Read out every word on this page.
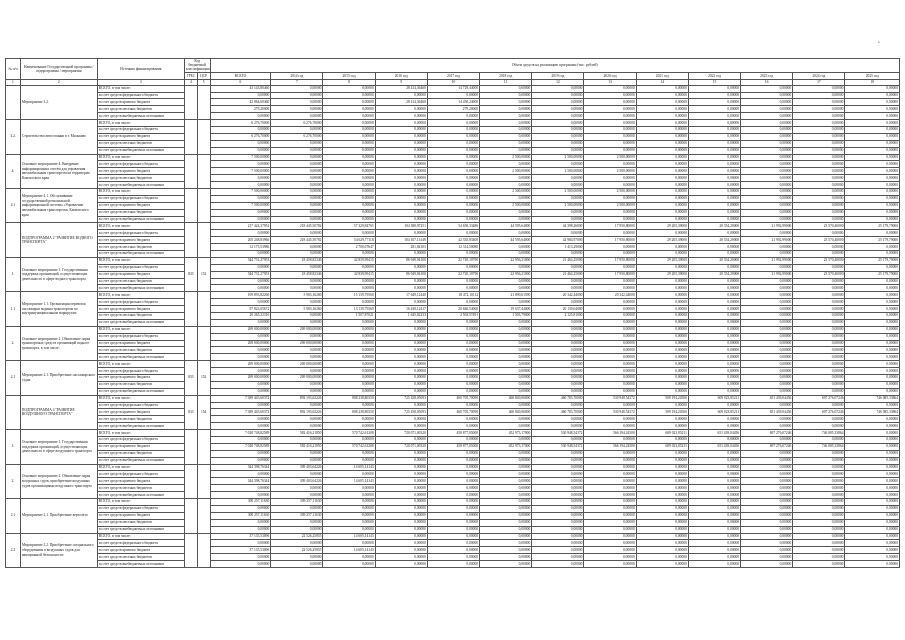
•
№ п/п	Наименование Государственной программы / подпрограммы / мероприятия	Источник финансирования	Код бюджетной классификации		Объем средств на реализацию программы (тыс. рублей)												
			ГРБС	ЦСР	ВСЕГО	2014 год	2015 год	2016 год	2017 год	2018 год	2019 год	2020 год	2021 год	2022 год	2023 год	2024 год	2025 год
1	2	3	4	5	6	7	8	9	10	11	12	13	14	15	16	17	18
	Мероприятие 3.2.	ВСЕГО, в том числе:			43 143,80460	0,00000	0,00000	28 414,36460	14 729,44000	0,00000	0,00000	0,00000	0,00000	0,00000	0,00000	0,00000	0,00000
		за счет средств федерального бюджета			0,00000	0,00000	0,00000	0,00000	0,00000	0,00000	0,00000	0,00000	0,00000	0,00000	0,00000	0,00000	0,00000
		за счет средств краевого бюджета			42 864,60460	0,00000	0,00000	28 414,36460	14 450,24000	0,00000	0,00000	0,00000	0,00000	0,00000	0,00000	0,00000	0,00000
		за счет средств местных бюджетов			279,20000	0,00000	0,00000	0,00000	279,20000	0,00000	0,00000	0,00000	0,00000	0,00000	0,00000	0,00000	0,00000
		за счет средств внебюджетных источников			0,00000	0,00000	0,00000	0,00000	0,00000	0,00000	0,00000	0,00000	0,00000	0,00000	0,00000	0,00000	0,00000
3.2.	Строительство автостоянки в г. Мильково	ВСЕГО, в том числе:			6 276,70000	6 276,70000	0,00000	0,00000	0,00000	0,00000	0,00000	0,00000	0,00000	0,00000	0,00000	0,00000	0,00000
		за счет средств федерального бюджета			0,00000	0,00000	0,00000	0,00000	0,00000	0,00000	0,00000	0,00000	0,00000	0,00000	0,00000	0,00000	0,00000
		за счет средств краевого бюджета			6 276,70000	6 276,70000	0,00000	0,00000	0,00000	0,00000	0,00000	0,00000	0,00000	0,00000	0,00000	0,00000	0,00000
		за счет средств местных бюджетов			0,00000	0,00000	0,00000	0,00000	0,00000	0,00000	0,00000	0,00000	0,00000	0,00000	0,00000	0,00000	0,00000
		за счет средств внебюджетных источников			0,00000	0,00000	0,00000	0,00000	0,00000	0,00000	0,00000	0,00000	0,00000	0,00000	0,00000	0,00000	0,00000
4.	Основное мероприятие 4. Внедрение информационных систем для управления автомобильным транспортом на территории Камчатского края	ВСЕГО, в том числе:			7 500,00000	0,00000	0,00000	0,00000	0,00000	2 500,00000	2 500,00000	2 500,00000	0,00000	0,00000	0,00000	0,00000	0,00000
		за счет средств федерального бюджета			0,00000	0,00000	0,00000	0,00000	0,00000	0,00000	0,00000	0,00000	0,00000	0,00000	0,00000	0,00000	0,00000
		за счет средств краевого бюджета			7 500,00000	0,00000	0,00000	0,00000	0,00000	2 500,00000	2 500,00000	2 500,00000	0,00000	0,00000	0,00000	0,00000	0,00000
		за счет средств местных бюджетов			0,00000	0,00000	0,00000	0,00000	0,00000	0,00000	0,00000	0,00000	0,00000	0,00000	0,00000	0,00000	0,00000
		за счет средств внебюджетных источников			0,00000	0,00000	0,00000	0,00000	0,00000	0,00000	0,00000	0,00000	0,00000	0,00000	0,00000	0,00000	0,00000
4.1	Мероприятие 4.1. Обслуживание государственной региональной информационной системы «Управление автомобильным транспортом» Камчатского края	ВСЕГО, в том числе:			7 500,00000	0,00000	0,00000	0,00000	0,00000	2 500,00000	2 500,00000	2 500,00000	0,00000	0,00000	0,00000	0,00000	0,00000
		за счет средств федерального бюджета			0,00000	0,00000	0,00000	0,00000	0,00000	0,00000	0,00000	0,00000	0,00000	0,00000	0,00000	0,00000	0,00000
		за счет средств краевого бюджета			7 500,00000	0,00000	0,00000	0,00000	0,00000	2 500,00000	2 500,00000	2 500,00000	0,00000	0,00000	0,00000	0,00000	0,00000
		за счет средств местных бюджетов			0,00000	0,00000	0,00000	0,00000	0,00000	0,00000	0,00000	0,00000	0,00000	0,00000	0,00000	0,00000	0,00000
		за счет средств внебюджетных источников			0,00000	0,00000	0,00000	0,00000	0,00000	0,00000	0,00000	0,00000	0,00000	0,00000	0,00000	0,00000	0,00000
	ПОДПРОГРАММА 2 "РАЗВИТИЕ ВОДНОГО ТРАНСПОРТА"	ВСЕГО, в том числе:			217 424,37952	218 445,50782	57 329,84765	104 388,97251	54 650,33480	44 595,64000	44 398,26000	17 950,80000	29 205,39000	20 354,20000	21 992,99000	23 570,40000	25 179,79000
		за счет средств федерального бюджета			0,00000	0,00000	0,00000	0,00000	0,00000	0,00000	0,00000	0,00000	0,00000	0,00000	0,00000	0,00000	0,00000
		за счет средств краевого бюджета			205 248,83966	218 445,50782	54 629,77118	104 107,13148	42 335,83400	44 595,64000	42 984,97000	17 950,80000	29 205,39000	20 354,20000	21 992,99000	23 570,40000	25 179,79000
		за счет средств местных бюджетов			12 175,53986	0,00000	2 700,07647	281,84103	12 314,50080	0,00000	1 413,29000	0,00000	0,00000	0,00000	0,00000	0,00000	0,00000
		за счет средств внебюджетных источников			0,00000	0,00000	0,00000	0,00000	0,00000	0,00000	0,00000	0,00000	0,00000	0,00000	0,00000	0,00000	0,00000
1.	Основное мероприятие 1. Государственная поддержка организаций, осуществляющих деятельность в сфере водного транспорта	ВСЕГО, в том числе:	833	152	344 731,27953	18 458,82346	42 839,99415	86 949,94100	22 720,10790	22 956,21000	21 464,25000	17 950,80000	29 205,39000	20 354,20000	21 992,99000	23 570,40000	25 179,79000
		за счет средств федерального бюджета			0,00000	0,00000	0,00000	0,00000	0,00000	0,00000	0,00000	0,00000	0,00000	0,00000	0,00000	0,00000	0,00000
		за счет средств краевого бюджета			344 731,27953	18 458,82346	42 839,99415	86 949,94100	22 720,10790	22 956,21000	21 464,25000	17 950,80000	29 205,39000	20 354,20000	21 992,99000	23 570,40000	25 179,79000
		за счет средств местных бюджетов			0,00000	0,00000	0,00000	0,00000	0,00000	0,00000	0,00000	0,00000	0,00000	0,00000	0,00000	0,00000	0,00000
		за счет средств внебюджетных источников			0,00000	0,00000	0,00000	0,00000	0,00000	0,00000	0,00000	0,00000	0,00000	0,00000	0,00000	0,00000	0,00000
1.1	Мероприятие 1.1. Организация перевозок пассажиров водным транспортом по внутримуниципальным маршрутам	ВСЕГО, в том числе:			109 893,82260	5 983,16260	15 139,79560	17 649,12440	18 472,10112	21 890,61590	20 342,44000	20 342,44000	0,00000	0,00000	0,00000	0,00000	0,00000
		за счет средств федерального бюджета			0,00000	0,00000	0,00000	0,00000	0,00000	0,00000	0,00000	0,00000	0,00000	0,00000	0,00000	0,00000	0,00000
		за счет средств краевого бюджета			97 823,05672	5 983,16260	13 139,79560	16 438,12417	20 840,54000	19 637,44000	20 139,04000	0,00000	0,00000	0,00000	0,00000	0,00000	0,00000
		за счет средств местных бюджетов			20 265,22316	0,00000	1 507,87021	1 645,02233	2 503,57491	1 503,79000	2 125,81000	0,00000	0,00000	0,00000	0,00000	0,00000	0,00000
		за счет средств внебюджетных источников			0,00000	0,00000	0,00000	0,00000	0,00000	0,00000	0,00000	0,00000	0,00000	0,00000	0,00000	0,00000	0,00000
2.	Основное мероприятие 2. Обновление парка транспортных средств организаций водного транспорта, в том числе:	ВСЕГО, в том числе:			269 000,00000	269 000,00000	0,00000	0,00000	0,00000	0,00000	0,00000	0,00000	0,00000	0,00000	0,00000	0,00000	0,00000
		за счет средств федерального бюджета			0,00000	0,00000	0,00000	0,00000	0,00000	0,00000	0,00000	0,00000	0,00000	0,00000	0,00000	0,00000	0,00000
		за счет средств краевого бюджета			269 000,00000	269 000,00000	0,00000	0,00000	0,00000	0,00000	0,00000	0,00000	0,00000	0,00000	0,00000	0,00000	0,00000
		за счет средств местных бюджетов			0,00000	0,00000	0,00000	0,00000	0,00000	0,00000	0,00000	0,00000	0,00000	0,00000	0,00000	0,00000	0,00000
		за счет средств внебюджетных источников			0,00000	0,00000	0,00000	0,00000	0,00000	0,00000	0,00000	0,00000	0,00000	0,00000	0,00000	0,00000	0,00000
2.1	Мероприятие 2.1. Приобретение пассажирского судна	ВСЕГО, в том числе:	833	152	269 000,00000	269 000,00000	0,00000	0,00000	0,00000	0,00000	0,00000	0,00000	0,00000	0,00000	0,00000	0,00000	0,00000
		за счет средств федерального бюджета			0,00000	0,00000	0,00000	0,00000	0,00000	0,00000	0,00000	0,00000	0,00000	0,00000	0,00000	0,00000	0,00000
		за счет средств краевого бюджета			269 000,00000	269 000,00000	0,00000	0,00000	0,00000	0,00000	0,00000	0,00000	0,00000	0,00000	0,00000	0,00000	0,00000
		за счет средств местных бюджетов			0,00000	0,00000	0,00000	0,00000	0,00000	0,00000	0,00000	0,00000	0,00000	0,00000	0,00000	0,00000	0,00000
		за счет средств внебюджетных источников			0,00000	0,00000	0,00000	0,00000	0,00000	0,00000	0,00000	0,00000	0,00000	0,00000	0,00000	0,00000	0,00000
	ПОДПРОГРАММА 4 "РАЗВИТИЕ ВОЗДУШНОГО ТРАНСПОРТА"	ВСЕГО, в том числе:	833	154	7 389 445,60372	892 193,63226	808 238,80350	725 458,05093	460 705,70090	460 840,06000	460 783,70000	530 948,54372	509 194,24500	609 023,85211	651 439,04456	697 276,07246	746 085,33864
		за счет средств федерального бюджета			0,00000	0,00000	0,00000	0,00000	0,00000	0,00000	0,00000	0,00000	0,00000	0,00000	0,00000	0,00000	0,00000
		за счет средств краевого бюджета			7 389 445,60372	892 193,63226	808 238,80350	725 458,05093	460 705,70090	460 840,06000	460 783,70000	530 948,54372	509 194,24500	609 023,85211	651 439,04456	697 276,07246	746 085,33864
		за счет средств местных бюджетов			0,00000	0,00000	0,00000	0,00000	0,00000	0,00000	0,00000	0,00000	0,00000	0,00000	0,00000	0,00000	0,00000
		за счет средств внебюджетных источников			0,00000	0,00000	0,00000	0,00000	0,00000	0,00000	0,00000	0,00000	0,00000	0,00000	0,00000	0,00000	0,00000
1.	Основное мероприятие 1. Государственная поддержка организаций, осуществляющих деятельность в сфере воздушного транспорта	ВСЕГО, в том числе:			7 028 748,82589	582 416,21850	570 742,61208	720 071,00320	458 877,05000	452 973,17000	530 948,54372	566 194,24500	609 023,85211	651 439,04456	697 276,07246	746 085,33864	0,00000
		за счет средств федерального бюджета			0,00000	0,00000	0,00000	0,00000	0,00000	0,00000	0,00000	0,00000	0,00000	0,00000	0,00000	0,00000	0,00000
		за счет средств краевого бюджета			7 028 748,82589	582 416,21850	570 742,61208	720 071,00320	458 877,05000	452 973,17000	530 948,54372	566 194,24500	609 023,85211	651 439,04456	697 276,07246	746 085,33864	0,00000
		за счет средств местных бюджетов			0,00000	0,00000	0,00000	0,00000	0,00000	0,00000	0,00000	0,00000	0,00000	0,00000	0,00000	0,00000	0,00000
		за счет средств внебюджетных источников			0,00000	0,00000	0,00000	0,00000	0,00000	0,00000	0,00000	0,00000	0,00000	0,00000	0,00000	0,00000	0,00000
2.	Основное мероприятие 2. Обновление парка воздушных судов, приобретение воздушных судов организациями воздушного транспорта	ВСЕГО, в том числе:			344 398,76344	309 403,64226	14 605,14143	0,00000	0,00000	0,00000	0,00000	0,00000	0,00000	0,00000	0,00000	0,00000	0,00000
		за счет средств федерального бюджета			0,00000	0,00000	0,00000	0,00000	0,00000	0,00000	0,00000	0,00000	0,00000	0,00000	0,00000	0,00000	0,00000
		за счет средств краевого бюджета			344 398,76344	309 403,64226	14 605,14143	0,00000	0,00000	0,00000	0,00000	0,00000	0,00000	0,00000	0,00000	0,00000	0,00000
		за счет средств местных бюджетов			0,00000	0,00000	0,00000	0,00000	0,00000	0,00000	0,00000	0,00000	0,00000	0,00000	0,00000	0,00000	0,00000
		за счет средств внебюджетных источников			0,00000	0,00000	0,00000	0,00000	0,00000	0,00000	0,00000	0,00000	0,00000	0,00000	0,00000	0,00000	0,00000
2.1	Мероприятие 2.1. Приобретение вертолета	ВСЕГО, в том числе:			309 257,11630	309 257,11630	0,00000	0,00000	0,00000	0,00000	0,00000	0,00000	0,00000	0,00000	0,00000	0,00000	0,00000
		за счет средств федерального бюджета			0,00000	0,00000	0,00000	0,00000	0,00000	0,00000	0,00000	0,00000	0,00000	0,00000	0,00000	0,00000	0,00000
		за счет средств краевого бюджета			309 257,11630	309 257,11630	0,00000	0,00000	0,00000	0,00000	0,00000	0,00000	0,00000	0,00000	0,00000	0,00000	0,00000
		за счет средств местных бюджетов			0,00000	0,00000	0,00000	0,00000	0,00000	0,00000	0,00000	0,00000	0,00000	0,00000	0,00000	0,00000	0,00000
		за счет средств внебюджетных источников			0,00000	0,00000	0,00000	0,00000	0,00000	0,00000	0,00000	0,00000	0,00000	0,00000	0,00000	0,00000	0,00000
2.2	Мероприятие 2.2. Приобретение специального оборудования и воздушных судов для авиационной безопасности	ВСЕГО, в том числе:			37 135,53096	22 526,25855	14 605,14143	0,00000	0,00000	0,00000	0,00000	0,00000	0,00000	0,00000	0,00000	0,00000	0,00000
		за счет средств федерального бюджета			0,00000	0,00000	0,00000	0,00000	0,00000	0,00000	0,00000	0,00000	0,00000	0,00000	0,00000	0,00000	0,00000
		за счет средств краевого бюджета			37 135,53096	22 526,25855	14 605,14143	0,00000	0,00000	0,00000	0,00000	0,00000	0,00000	0,00000	0,00000	0,00000	0,00000
		за счет средств местных бюджетов			0,00000	0,00000	0,00000	0,00000	0,00000	0,00000	0,00000	0,00000	0,00000	0,00000	0,00000	0,00000	0,00000
		за счет средств внебюджетных источников			0,00000	0,00000	0,00000	0,00000	0,00000	0,00000	0,00000	0,00000	0,00000	0,00000	0,00000	0,00000	0,00000
